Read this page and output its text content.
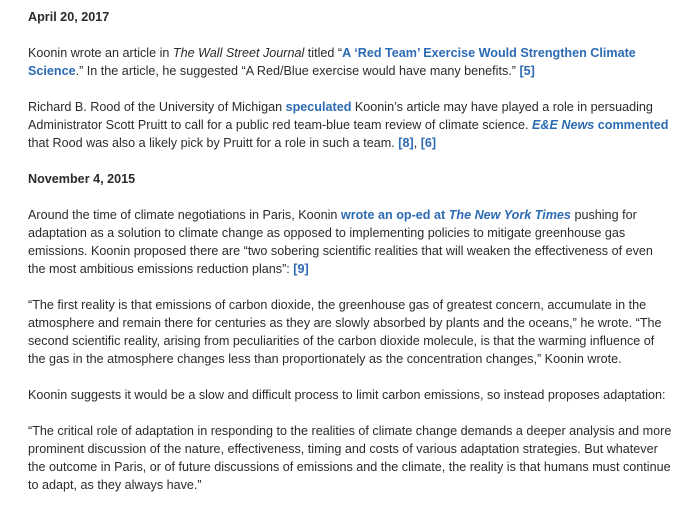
April 20, 2017

Koonin wrote an article in The Wall Street Journal titled “A ‘Red Team’ Exercise Would Strengthen Climate Science.” In the article, he suggested “A Red/Blue exercise would have many benefits.” [5]

Richard B. Rood of the University of Michigan speculated Koonin’s article may have played a role in persuading Administrator Scott Pruitt to call for a public red team-blue team review of climate science. E&E News commented that Rood was also a likely pick by Pruitt for a role in such a team. [8], [6]

November 4, 2015

Around the time of climate negotiations in Paris, Koonin wrote an op-ed at The New York Times pushing for adaptation as a solution to climate change as opposed to implementing policies to mitigate greenhouse gas emissions. Koonin proposed there are “two sobering scientific realities that will weaken the effectiveness of even the most ambitious emissions reduction plans”: [9]

“The first reality is that emissions of carbon dioxide, the greenhouse gas of greatest concern, accumulate in the atmosphere and remain there for centuries as they are slowly absorbed by plants and the oceans,” he wrote. “The second scientific reality, arising from peculiarities of the carbon dioxide molecule, is that the warming influence of the gas in the atmosphere changes less than proportionately as the concentration changes,” Koonin wrote.

Koonin suggests it would be a slow and difficult process to limit carbon emissions, so instead proposes adaptation:

“The critical role of adaptation in responding to the realities of climate change demands a deeper analysis and more prominent discussion of the nature, effectiveness, timing and costs of various adaptation strategies. But whatever the outcome in Paris, or of future discussions of emissions and the climate, the reality is that humans must continue to adapt, as they always have.”
